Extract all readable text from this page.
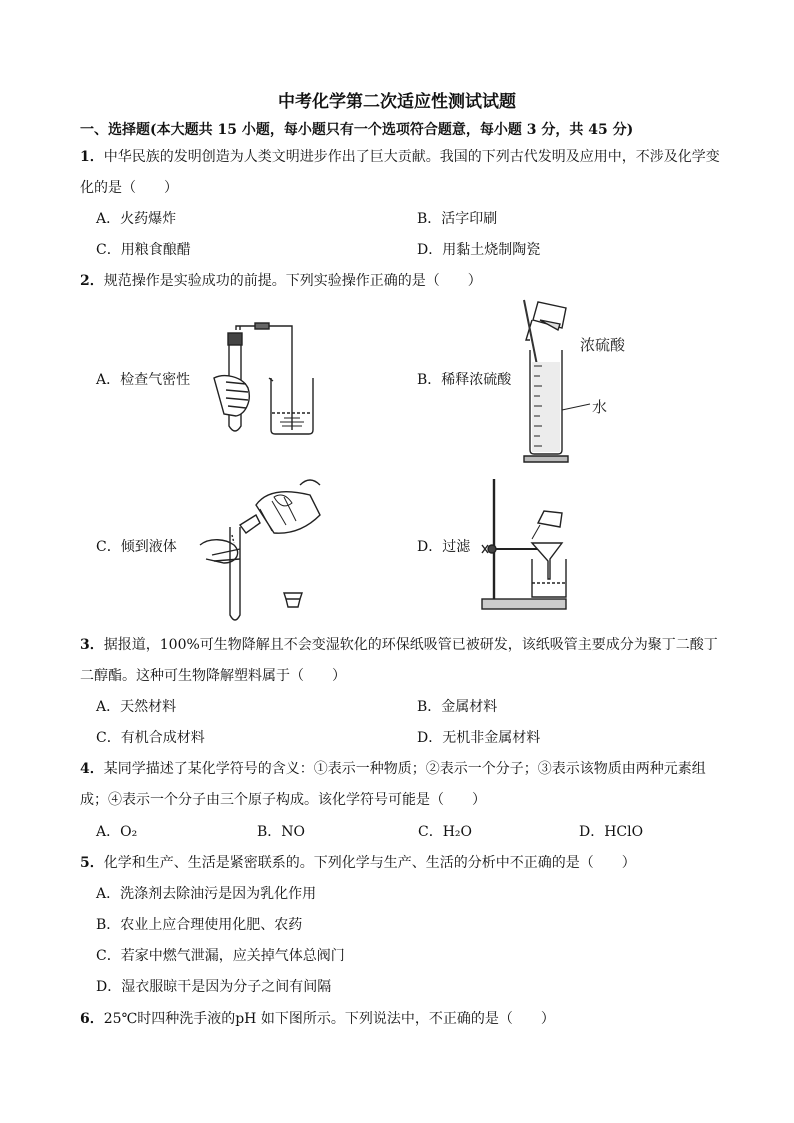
中考化学第二次适应性测试试题
一、选择题(本大题共 15 小题，每小题只有一个选项符合题意，每小题 3 分，共 45 分)
1．中华民族的发明创造为人类文明进步作出了巨大贡献。我国的下列古代发明及应用中，不涉及化学变
化的是（　　）
A．火药爆炸	B．活字印刷
C．用粮食酿醋	D．用黏土烧制陶瓷
2．规范操作是实验成功的前提。下列实验操作正确的是（　　）
A．检查气密性	B．稀释浓硫酸
C．倾到液体	D．过滤
浓硫酸
水
3．据报道，100%可生物降解且不会变湿软化的环保纸吸管已被研发，该纸吸管主要成分为聚丁二酸丁
二醇酯。这种可生物降解塑料属于（　　）
A．天然材料	B．金属材料
C．有机合成材料	D．无机非金属材料
4．某同学描述了某化学符号的含义：①表示一种物质；②表示一个分子；③表示该物质由两种元素组
成；④表示一个分子由三个原子构成。该化学符号可能是（　　）
A．O₂	B．NO	C．H₂O	D．HClO
5．化学和生产、生活是紧密联系的。下列化学与生产、生活的分析中不正确的是（　　）
A．洗涤剂去除油污是因为乳化作用
B．农业上应合理使用化肥、农药
C．若家中燃气泄漏，应关掉气体总阀门
D．湿衣服晾干是因为分子之间有间隔
6．25℃时四种洗手液的pH 如下图所示。下列说法中，不正确的是（　　）
